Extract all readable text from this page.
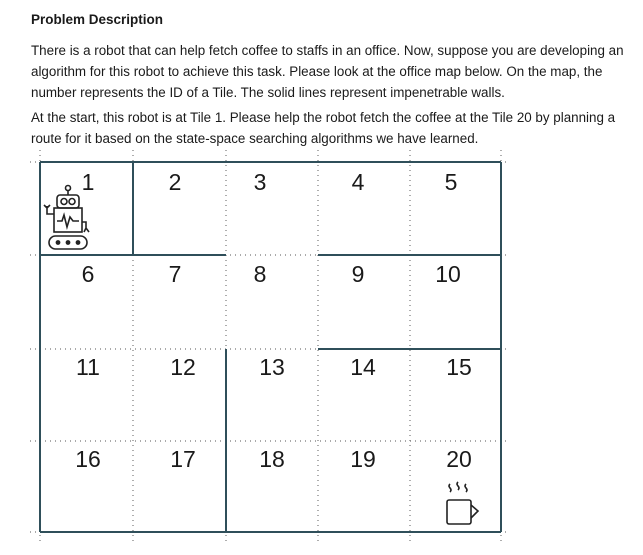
Problem Description
There is a robot that can help fetch coffee to staffs in an office. Now, suppose you are developing an algorithm for this robot to achieve this task. Please look at the office map below. On the map, the number represents the ID of a Tile. The solid lines represent impenetrable walls.
At the start, this robot is at Tile 1. Please help the robot fetch the coffee at the Tile 20 by planning a route for it based on the state-space searching algorithms we have learned.
1	2	3	4	5
6	7	8	9	10
11	12	13	14	15
16	17	18	19	20
